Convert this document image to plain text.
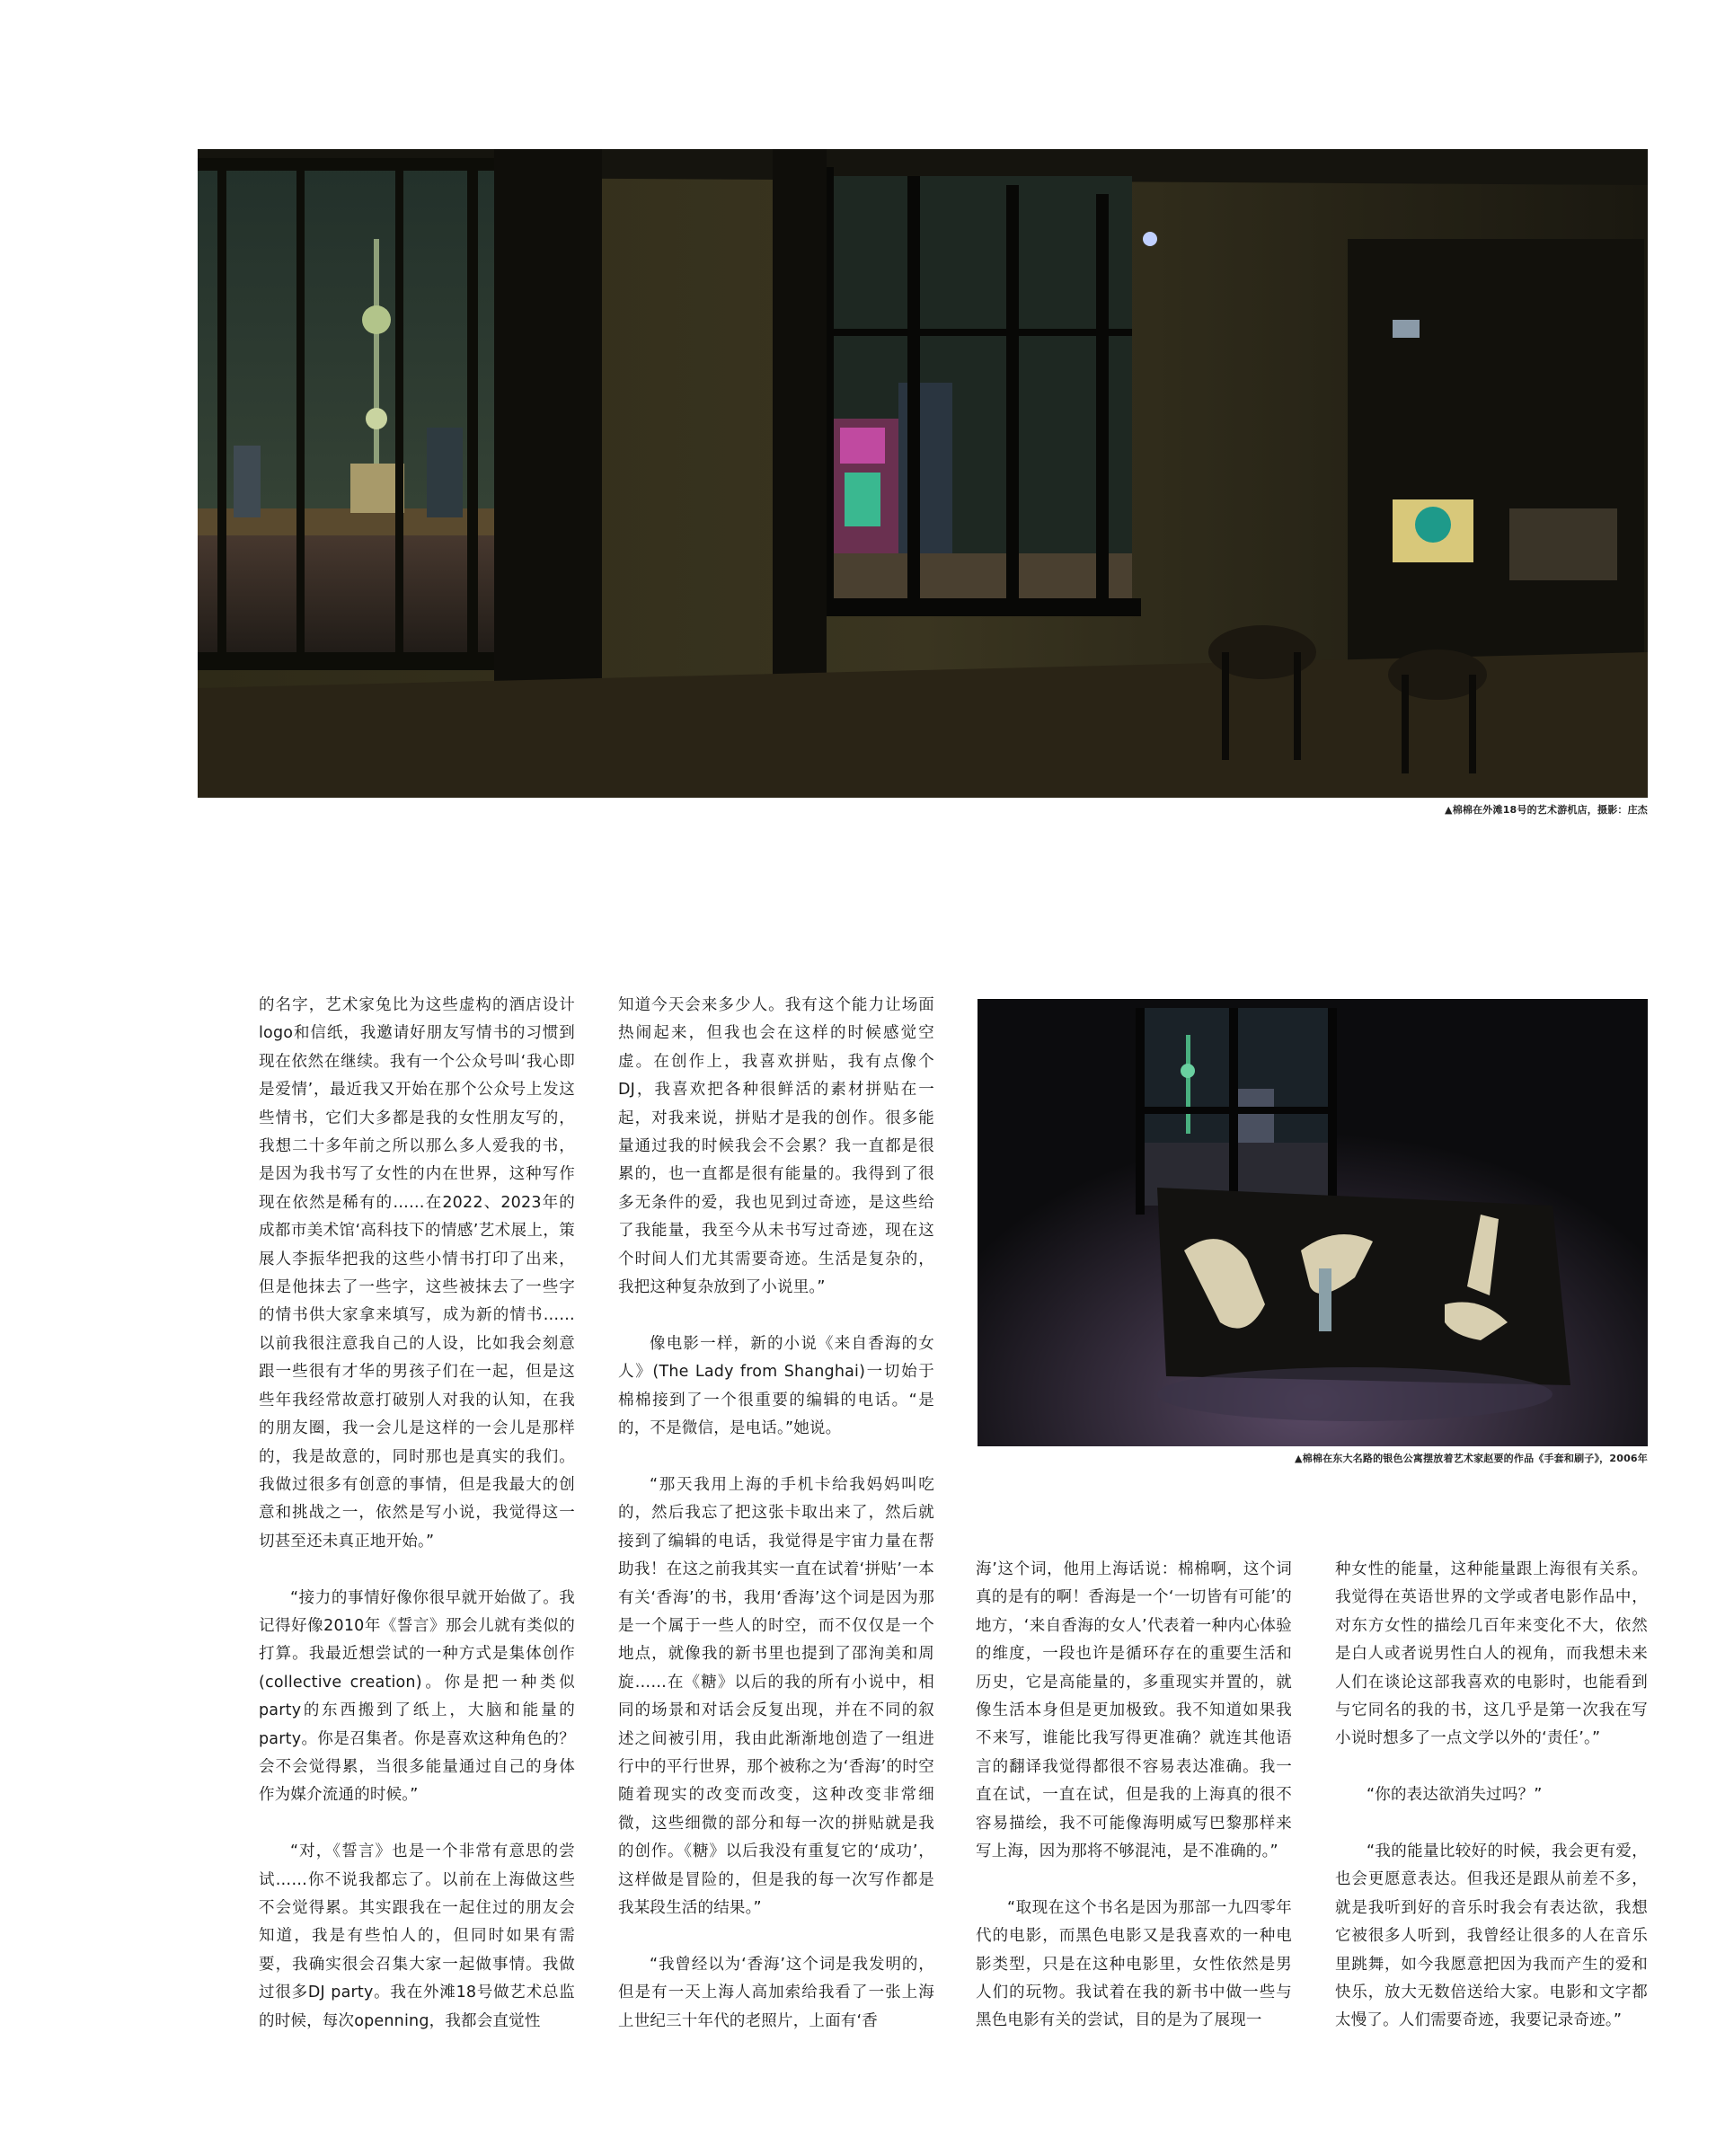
▲棉棉在外滩18号的艺术游机店，摄影：庄杰
▲棉棉在东大名路的银色公寓摆放着艺术家赵要的作品《手套和刷子》，2006年

的名字，艺术家兔比为这些虚构的酒店设计logo和信纸，我邀请好朋友写情书的习惯到现在依然在继续。我有一个公众号叫‘我心即是爱情’，最近我又开始在那个公众号上发这些情书，它们大多都是我的女性朋友写的，我想二十多年前之所以那么多人爱我的书，是因为我书写了女性的内在世界，这种写作现在依然是稀有的……在2022、2023年的成都市美术馆‘高科技下的情感’艺术展上，策展人李振华把我的这些小情书打印了出来，但是他抹去了一些字，这些被抹去了一些字的情书供大家拿来填写，成为新的情书……以前我很注意我自己的人设，比如我会刻意跟一些很有才华的男孩子们在一起，但是这些年我经常故意打破别人对我的认知，在我的朋友圈，我一会儿是这样的一会儿是那样的，我是故意的，同时那也是真实的我们。我做过很多有创意的事情，但是我最大的创意和挑战之一，依然是写小说，我觉得这一切甚至还未真正地开始。”

“接力的事情好像你很早就开始做了。我记得好像2010年《誓言》那会儿就有类似的打算。我最近想尝试的一种方式是集体创作(collective creation)。你是把一种类似party的东西搬到了纸上，大脑和能量的party。你是召集者。你是喜欢这种角色的？会不会觉得累，当很多能量通过自己的身体作为媒介流通的时候。”

“对，《誓言》也是一个非常有意思的尝试……你不说我都忘了。以前在上海做这些不会觉得累。其实跟我在一起住过的朋友会知道，我是有些怕人的，但同时如果有需要，我确实很会召集大家一起做事情。我做过很多DJ party。我在外滩18号做艺术总监的时候，每次openning，我都会直觉性

知道今天会来多少人。我有这个能力让场面热闹起来，但我也会在这样的时候感觉空虚。在创作上，我喜欢拼贴，我有点像个DJ，我喜欢把各种很鲜活的素材拼贴在一起，对我来说，拼贴才是我的创作。很多能量通过我的时候我会不会累？我一直都是很累的，也一直都是很有能量的。我得到了很多无条件的爱，我也见到过奇迹，是这些给了我能量，我至今从未书写过奇迹，现在这个时间人们尤其需要奇迹。生活是复杂的，我把这种复杂放到了小说里。”

像电影一样，新的小说《来自香海的女人》(The Lady from Shanghai)一切始于棉棉接到了一个很重要的编辑的电话。“是的，不是微信，是电话。”她说。

“那天我用上海的手机卡给我妈妈叫吃的，然后我忘了把这张卡取出来了，然后就接到了编辑的电话，我觉得是宇宙力量在帮助我！在这之前我其实一直在试着‘拼贴’一本有关‘香海’的书，我用‘香海’这个词是因为那是一个属于一些人的时空，而不仅仅是一个地点，就像我的新书里也提到了邵洵美和周旋……在《糖》以后的我的所有小说中，相同的场景和对话会反复出现，并在不同的叙述之间被引用，我由此渐渐地创造了一组进行中的平行世界，那个被称之为‘香海’的时空随着现实的改变而改变，这种改变非常细微，这些细微的部分和每一次的拼贴就是我的创作。《糖》以后我没有重复它的‘成功’，这样做是冒险的，但是我的每一次写作都是我某段生活的结果。”

“我曾经以为‘香海’这个词是我发明的，但是有一天上海人高加索给我看了一张上海上世纪三十年代的老照片，上面有‘香

海’这个词，他用上海话说：棉棉啊，这个词真的是有的啊！香海是一个‘一切皆有可能’的地方，‘来自香海的女人’代表着一种内心体验的维度，一段也许是循环存在的重要生活和历史，它是高能量的，多重现实并置的，就像生活本身但是更加极致。我不知道如果我不来写，谁能比我写得更准确？就连其他语言的翻译我觉得都很不容易表达准确。我一直在试，一直在试，但是我的上海真的很不容易描绘，我不可能像海明威写巴黎那样来写上海，因为那将不够混沌，是不准确的。”

“取现在这个书名是因为那部一九四零年代的电影，而黑色电影又是我喜欢的一种电影类型，只是在这种电影里，女性依然是男人们的玩物。我试着在我的新书中做一些与黑色电影有关的尝试，目的是为了展现一

种女性的能量，这种能量跟上海很有关系。我觉得在英语世界的文学或者电影作品中，对东方女性的描绘几百年来变化不大，依然是白人或者说男性白人的视角，而我想未来人们在谈论这部我喜欢的电影时，也能看到与它同名的我的书，这几乎是第一次我在写小说时想多了一点文学以外的‘责任’。”

“你的表达欲消失过吗？”

“我的能量比较好的时候，我会更有爱，也会更愿意表达。但我还是跟从前差不多，就是我听到好的音乐时我会有表达欲，我想它被很多人听到，我曾经让很多的人在音乐里跳舞，如今我愿意把因为我而产生的爱和快乐，放大无数倍送给大家。电影和文字都太慢了。人们需要奇迹，我要记录奇迹。”
